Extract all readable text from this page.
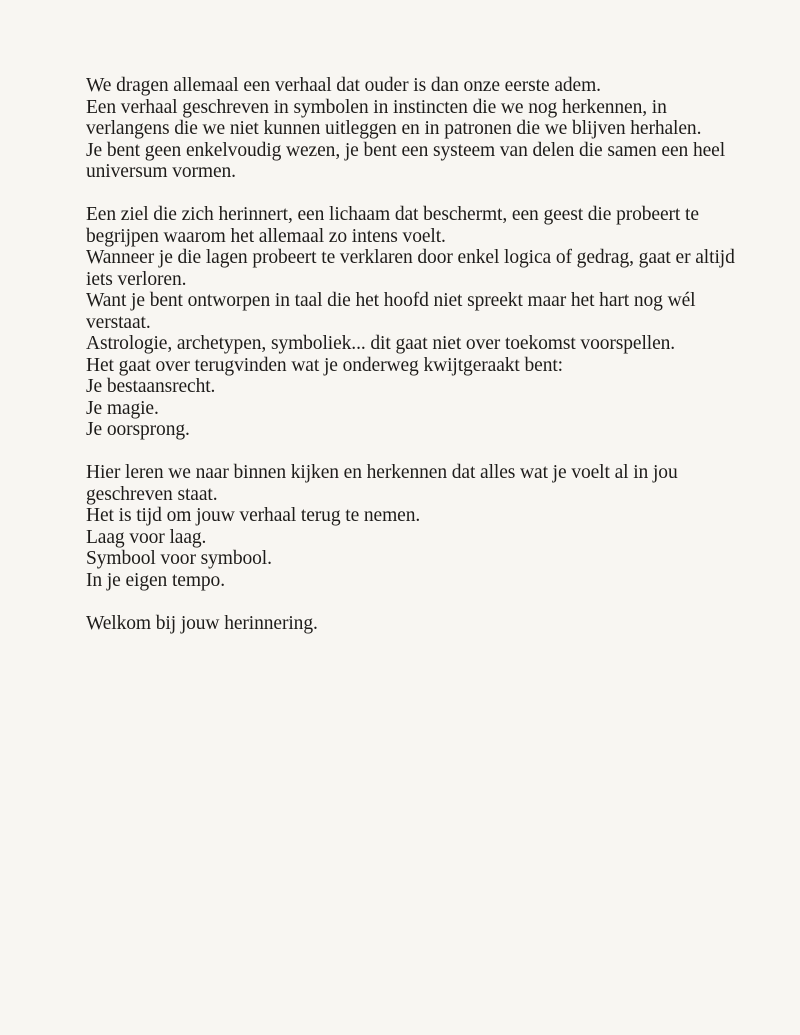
We dragen allemaal een verhaal dat ouder is dan onze eerste adem.

Een verhaal geschreven in symbolen in instincten die we nog herkennen, in verlangens die we niet kunnen uitleggen en in patronen die we blijven herhalen.

Je bent geen enkelvoudig wezen, je bent een systeem van delen die samen een heel universum vormen.

Een ziel die zich herinnert, een lichaam dat beschermt, een geest die probeert te begrijpen waarom het allemaal zo intens voelt.

Wanneer je die lagen probeert te verklaren door enkel logica of gedrag, gaat er altijd iets verloren.

Want je bent ontworpen in taal die het hoofd niet spreekt maar het hart nog wél verstaat.

Astrologie, archetypen, symboliek... dit gaat niet over toekomst voorspellen.

Het gaat over terugvinden wat je onderweg kwijtgeraakt bent:

Je bestaansrecht.

Je magie.

Je oorsprong.

Hier leren we naar binnen kijken en herkennen dat alles wat je voelt al in jou geschreven staat.

Het is tijd om jouw verhaal terug te nemen.

Laag voor laag.

Symbool voor symbool.

In je eigen tempo.

Welkom bij jouw herinnering.
